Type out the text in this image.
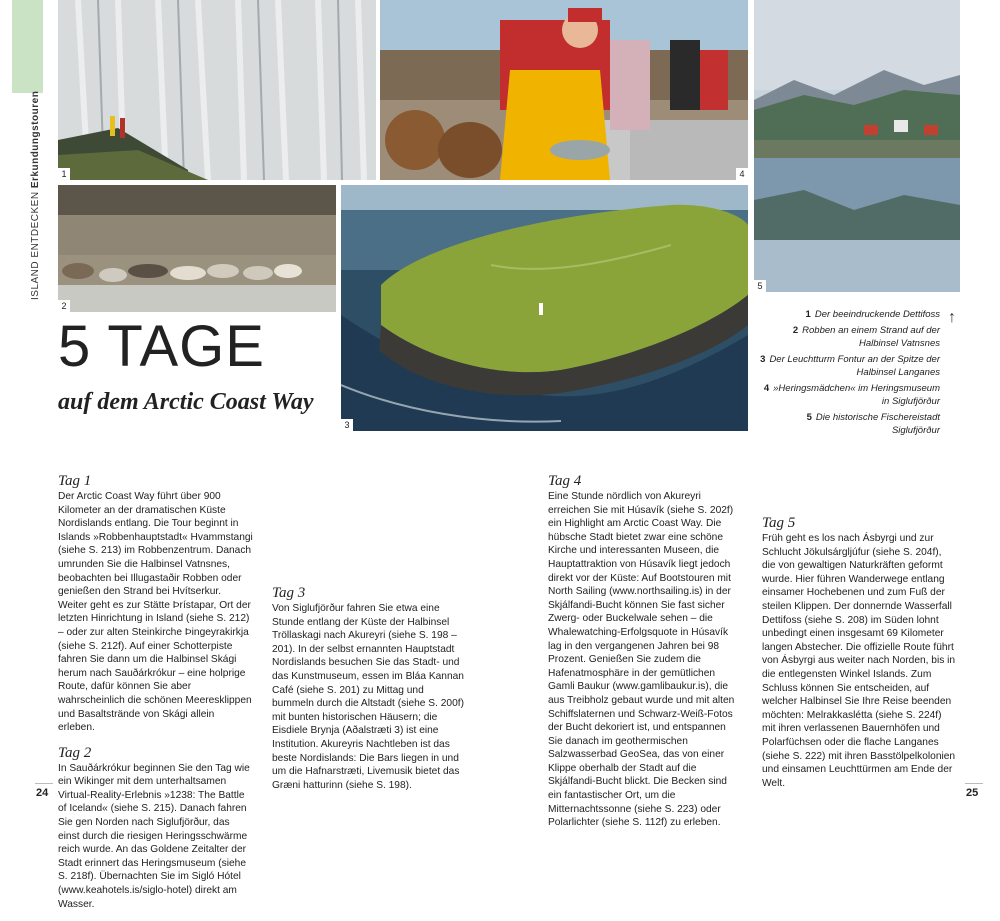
ISLAND ENTDECKEN Erkundungstouren	1	4
5
2
3
5 TAGE
auf dem Arctic Coast Way
1 Der beeindruckende Dettifoss
2 Robben an einem Strand auf der Halbinsel Vatnsnes
3 Der Leuchtturm Fontur an der Spitze der Halbinsel Langanes
4 »Heringsmädchen« im Heringsmuseum in Siglufjörður
5 Die historische Fischereistadt Siglufjörður
↑
Tag 1

Der Arctic Coast Way führt über 900 Kilometer an der dramatischen Küste Nordislands entlang. Die Tour beginnt in Islands »Robbenhauptstadt« Hvammstangi (siehe S. 213) im Robbenzentrum. Danach umrunden Sie die Halbinsel Vatnsnes, beobachten bei Illugastaðir Robben oder genießen den Strand bei Hvítserkur. Weiter geht es zur Stätte Þrístapar, Ort der letzten Hinrichtung in Island (siehe S. 212) – oder zur alten Steinkirche Þingeyrakirkja (siehe S. 212f). Auf einer Schotterpiste fahren Sie dann um die Halbinsel Skági herum nach Sauðárkrókur – eine holprige Route, dafür können Sie aber wahrscheinlich die schönen Meeresklippen und Basaltstrände von Skági allein erleben.

Tag 2

In Sauðárkrókur beginnen Sie den Tag wie ein Wikinger mit dem unterhaltsamen Virtual-Reality-Erlebnis »1238: The Battle of Iceland« (siehe S. 215). Danach fahren Sie gen Norden nach Siglufjörður, das einst durch die riesigen Heringsschwärme reich wurde. An das Goldene Zeitalter der Stadt erinnert das Heringsmuseum (siehe S. 218f). Übernachten Sie im Sigló Hótel (www.keahotels.is/siglo-hotel) direkt am Wasser.

Tag 3

Von Siglufjörður fahren Sie etwa eine Stunde entlang der Küste der Halbinsel Tröllaskagi nach Akureyri (siehe S. 198 – 201). In der selbst ernannten Hauptstadt Nordislands besuchen Sie das Stadt- und das Kunstmuseum, essen im Bláa Kannan Café (siehe S. 201) zu Mittag und bummeln durch die Altstadt (siehe S. 200f) mit bunten historischen Häusern; die Eisdiele Brynja (Aðalstræti 3) ist eine Institution. Akureyris Nachtleben ist das beste Nordislands: Die Bars liegen in und um die Hafnarstræti, Livemusik bietet das Græni hatturinn (siehe S. 198).

Tag 4

Eine Stunde nördlich von Akureyri erreichen Sie mit Húsavík (siehe S. 202f) ein Highlight am Arctic Coast Way. Die hübsche Stadt bietet zwar eine schöne Kirche und interessanten Museen, die Hauptattraktion von Húsavík liegt jedoch direkt vor der Küste: Auf Bootstouren mit North Sailing (www.northsailing.is) in der Skjálfandi-Bucht können Sie fast sicher Zwerg- oder Buckelwale sehen – die Whalewatching-Erfolgsquote in Húsavík lag in den vergangenen Jahren bei 98 Prozent. Genießen Sie zudem die Hafenatmosphäre in der gemütlichen Gamli Baukur (www.gamlibaukur.is), die aus Treibholz gebaut wurde und mit alten Schiffslaternen und Schwarz-Weiß-Fotos der Bucht dekoriert ist, und entspannen Sie danach im geothermischen Salzwasserbad GeoSea, das von einer Klippe oberhalb der Stadt auf die Skjálfandi-Bucht blickt. Die Becken sind ein fantastischer Ort, um die Mitternachtssonne (siehe S. 223) oder Polarlichter (siehe S. 112f) zu erleben.

Tag 5

Früh geht es los nach Ásbyrgi und zur Schlucht Jökulsárgljúfur (siehe S. 204f), die von gewaltigen Naturkräften geformt wurde. Hier führen Wanderwege entlang einsamer Hochebenen und zum Fuß der steilen Klippen. Der donnernde Wasserfall Dettifoss (siehe S. 208) im Süden lohnt unbedingt einen insgesamt 69 Kilometer langen Abstecher. Die offizielle Route führt von Ásbyrgi aus weiter nach Norden, bis in die entlegensten Winkel Islands. Zum Schluss können Sie entscheiden, auf welcher Halbinsel Sie Ihre Reise beenden möchten: Melrakkaslétta (siehe S. 224f) mit ihren verlassenen Bauernhöfen und Polarfüchsen oder die flache Langanes (siehe S. 222) mit ihren Basstölpelkolonien und einsamen Leuchttürmen am Ende der Welt.

24	25
